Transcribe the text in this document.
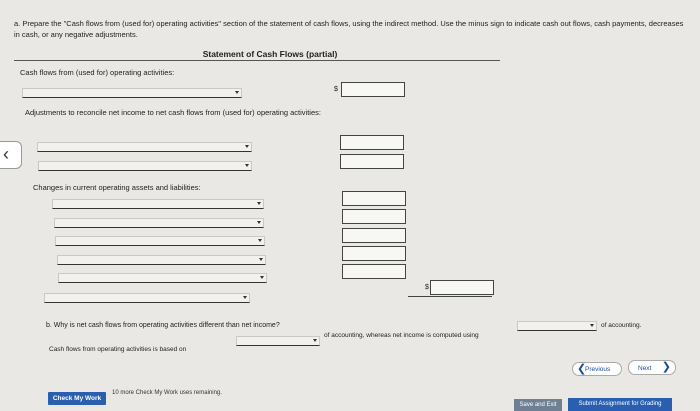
a. Prepare the "Cash flows from (used for) operating activities" section of the statement of cash flows, using the indirect method. Use the minus sign to indicate cash out flows, cash payments, decreases in cash, or any negative adjustments.
Statement of Cash Flows (partial)
‹
Cash flows from (used for) operating activities:
$
Adjustments to reconcile net income to net cash flows from (used for) operating activities:
Changes in current operating assets and liabilities:
$
b. Why is net cash flows from operating activities different than net income?
Cash flows from operating activities is based on
of accounting, whereas net income is computed using
of accounting.
❮
Previous	Next ❯
Check My Work
10 more Check My Work uses remaining.
Save and Exit	Submit Assignment for Grading
